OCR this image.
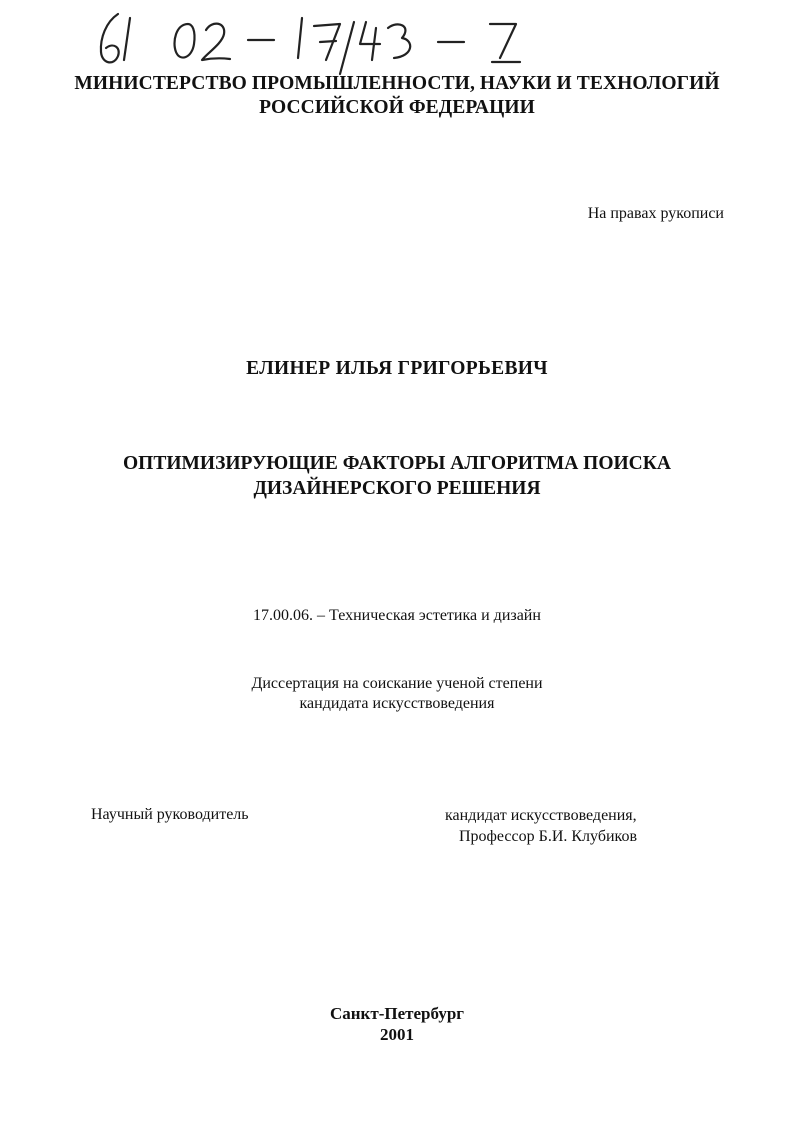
МИНИСТЕРСТВО ПРОМЫШЛЕННОСТИ, НАУКИ И ТЕХНОЛОГИЙ
РОССИЙСКОЙ ФЕДЕРАЦИИ
На правах рукописи
ЕЛИНЕР ИЛЬЯ ГРИГОРЬЕВИЧ
ОПТИМИЗИРУЮЩИЕ ФАКТОРЫ АЛГОРИТМА ПОИСКА
ДИЗАЙНЕРСКОГО РЕШЕНИЯ
17.00.06. – Техническая эстетика и дизайн
Диссертация на соискание ученой степени
кандидата искусствоведения
Научный руководитель	кандидат искусствоведения,
Профессор Б.И. Клубиков
Санкт-Петербург
2001
